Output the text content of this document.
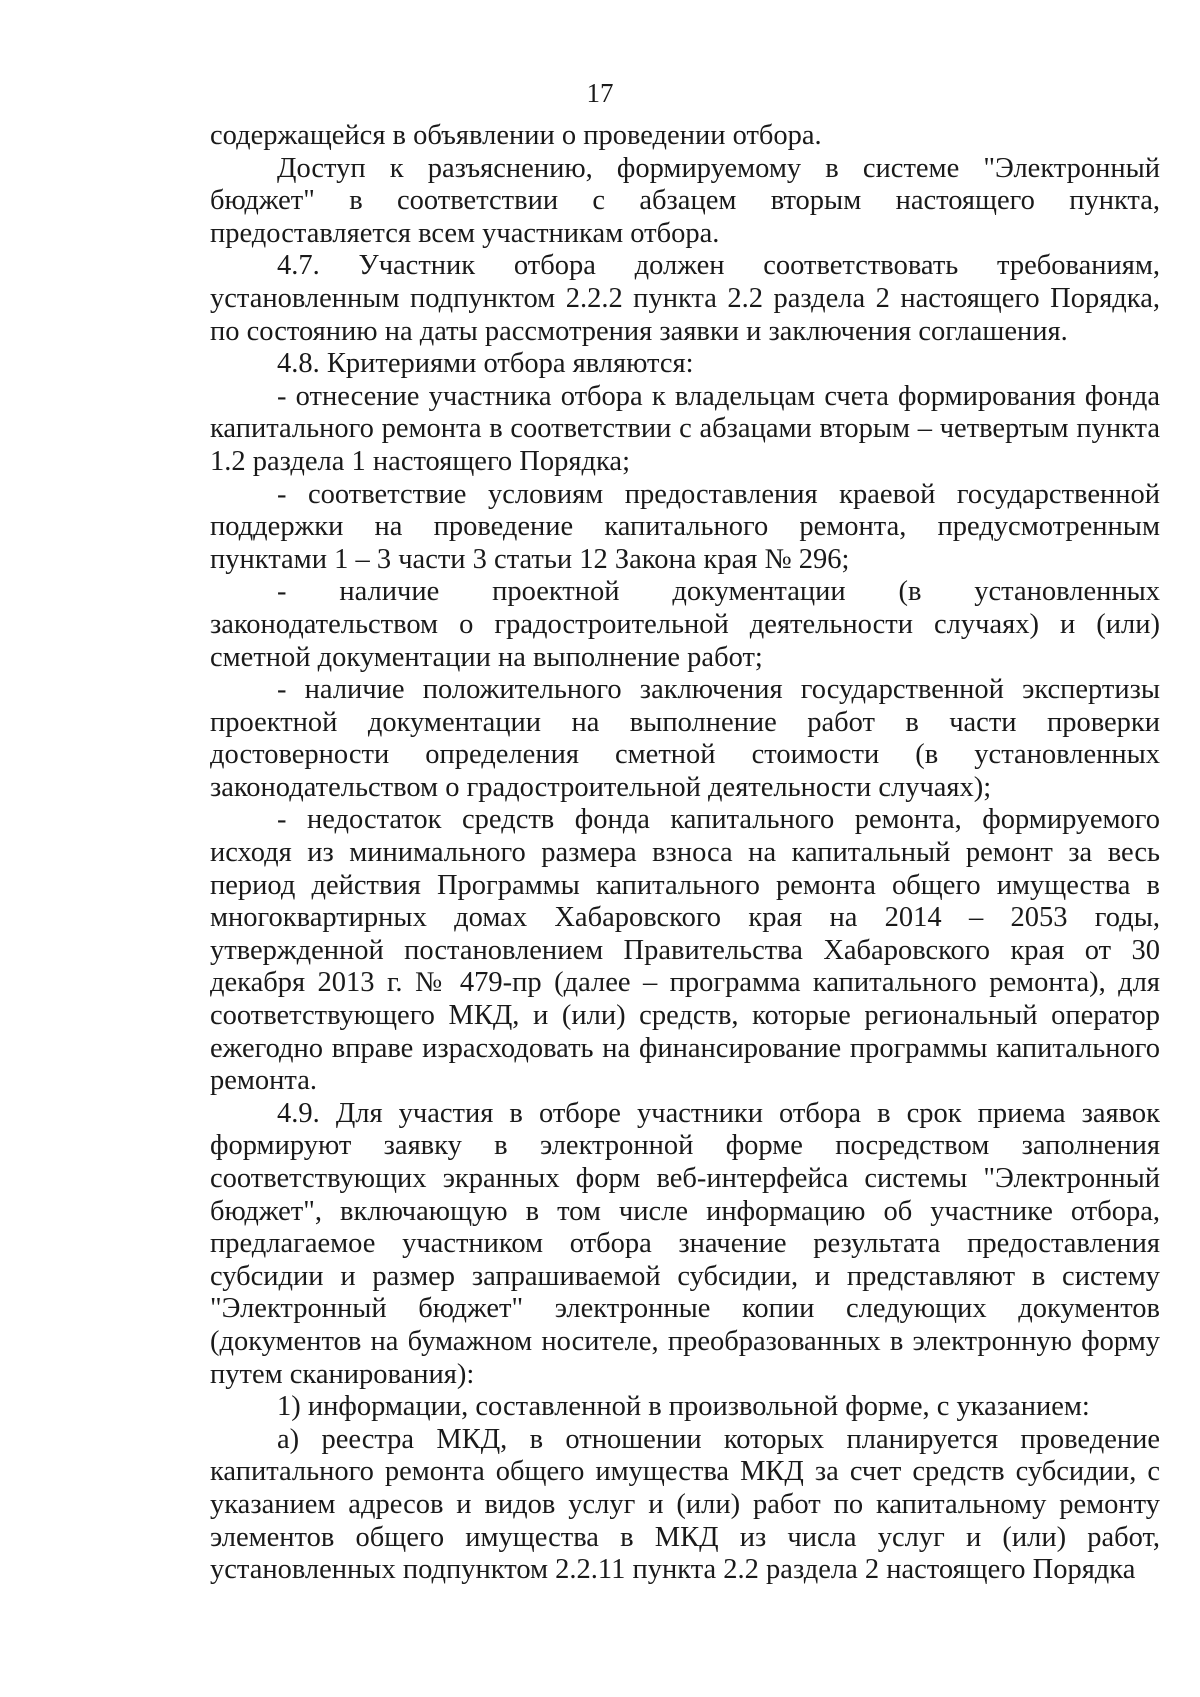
17

содержащейся в объявлении о проведении отбора.

Доступ к разъяснению, формируемому в системе "Электронный бюджет" в соответствии с абзацем вторым настоящего пункта, предоставляется всем участникам отбора.

4.7. Участник отбора должен соответствовать требованиям, установленным подпунктом 2.2.2 пункта 2.2 раздела 2 настоящего Порядка, по состоянию на даты рассмотрения заявки и заключения соглашения.

4.8. Критериями отбора являются:

- отнесение участника отбора к владельцам счета формирования фонда капитального ремонта в соответствии с абзацами вторым – четвертым пункта 1.2 раздела 1 настоящего Порядка;

- соответствие условиям предоставления краевой государственной поддержки на проведение капитального ремонта, предусмотренным пунктами 1 – 3 части 3 статьи 12 Закона края № 296;

- наличие проектной документации (в установленных законодательством о градостроительной деятельности случаях) и (или) сметной документации на выполнение работ;

- наличие положительного заключения государственной экспертизы проектной документации на выполнение работ в части проверки достоверности определения сметной стоимости (в установленных законодательством о градостроительной деятельности случаях);

- недостаток средств фонда капитального ремонта, формируемого исходя из минимального размера взноса на капитальный ремонт за весь период действия Программы капитального ремонта общего имущества в многоквартирных домах Хабаровского края на 2014 – 2053 годы, утвержденной постановлением Правительства Хабаровского края от 30 декабря 2013 г. № 479-пр (далее – программа капитального ремонта), для соответствующего МКД, и (или) средств, которые региональный оператор ежегодно вправе израсходовать на финансирование программы капитального ремонта.

4.9. Для участия в отборе участники отбора в срок приема заявок формируют заявку в электронной форме посредством заполнения соответствующих экранных форм веб-интерфейса системы "Электронный бюджет", включающую в том числе информацию об участнике отбора, предлагаемое участником отбора значение результата предоставления субсидии и размер запрашиваемой субсидии, и представляют в систему "Электронный бюджет" электронные копии следующих документов (документов на бумажном носителе, преобразованных в электронную форму путем сканирования):

1) информации, составленной в произвольной форме, с указанием:

а) реестра МКД, в отношении которых планируется проведение капитального ремонта общего имущества МКД за счет средств субсидии, с указанием адресов и видов услуг и (или) работ по капитальному ремонту элементов общего имущества в МКД из числа услуг и (или) работ, установленных подпунктом 2.2.11 пункта 2.2 раздела 2 настоящего Порядка
